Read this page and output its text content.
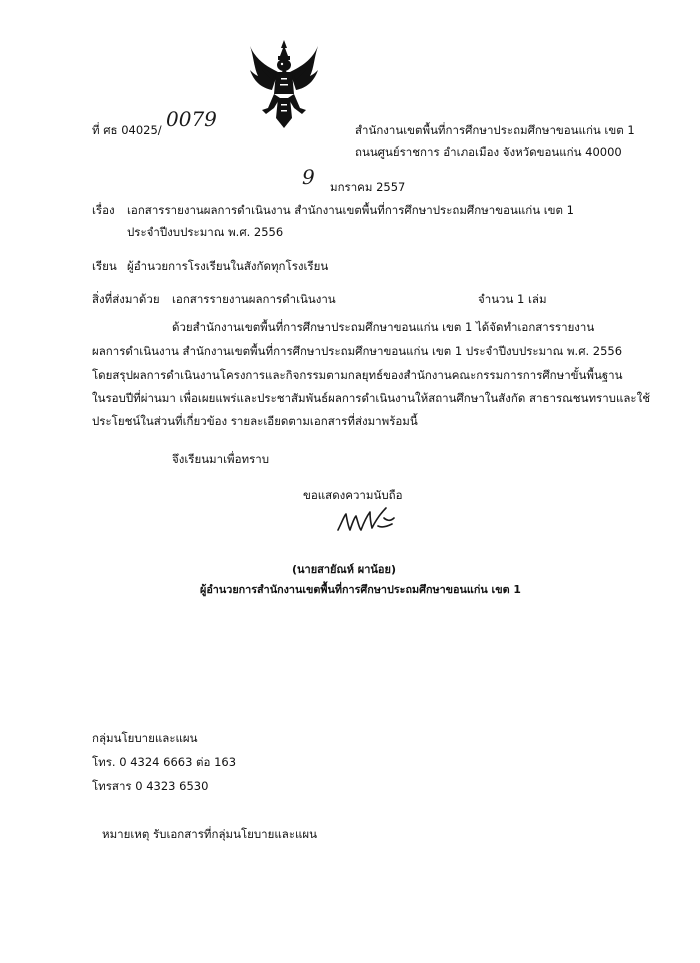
ที่ ศธ 04025/ 0079	สำนักงานเขตพื้นที่การศึกษาประถมศึกษาขอนแก่น เขต 1
ถนนศูนย์ราชการ อำเภอเมือง จังหวัดขอนแก่น 40000
9 มกราคม 2557
เรื่อง เอกสารรายงานผลการดำเนินงาน สำนักงานเขตพื้นที่การศึกษาประถมศึกษาขอนแก่น เขต 1
ประจำปีงบประมาณ พ.ศ. 2556
เรียน ผู้อำนวยการโรงเรียนในสังกัดทุกโรงเรียน
สิ่งที่ส่งมาด้วย เอกสารรายงานผลการดำเนินงาน	จำนวน 1 เล่ม
ด้วยสำนักงานเขตพื้นที่การศึกษาประถมศึกษาขอนแก่น เขต 1 ได้จัดทำเอกสารรายงาน
ผลการดำเนินงาน สำนักงานเขตพื้นที่การศึกษาประถมศึกษาขอนแก่น เขต 1 ประจำปีงบประมาณ พ.ศ. 2556
โดยสรุปผลการดำเนินงานโครงการและกิจกรรมตามกลยุทธ์ของสำนักงานคณะกรรมการการศึกษาขั้นพื้นฐาน
ในรอบปีที่ผ่านมา เพื่อเผยแพร่และประชาสัมพันธ์ผลการดำเนินงานให้สถานศึกษาในสังกัด สาธารณชนทราบและใช้
ประโยชน์ในส่วนที่เกี่ยวข้อง รายละเอียดตามเอกสารที่ส่งมาพร้อมนี้
จึงเรียนมาเพื่อทราบ
ขอแสดงความนับถือ
(นายสายัณห์ ผาน้อย)
ผู้อำนวยการสำนักงานเขตพื้นที่การศึกษาประถมศึกษาขอนแก่น เขต 1
กลุ่มนโยบายและแผน
โทร. 0 4324 6663 ต่อ 163
โทรสาร 0 4323 6530
หมายเหตุ รับเอกสารที่กลุ่มนโยบายและแผน
